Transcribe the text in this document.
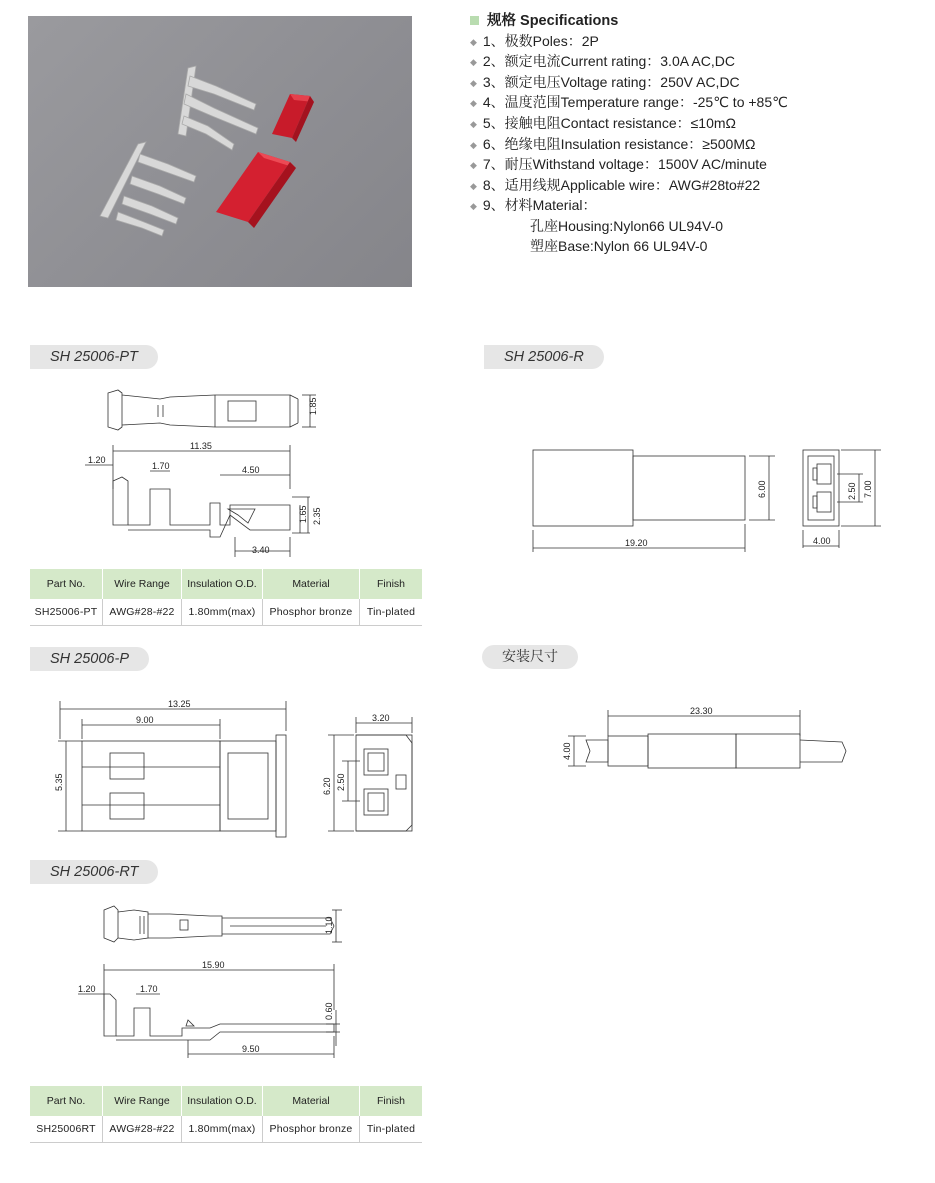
规格 Specifications
◆ 1、极数Poles：2P
◆ 2、额定电流Current rating：3.0A AC,DC
◆ 3、额定电压Voltage rating：250V AC,DC
◆ 4、温度范围Temperature range：-25℃ to +85℃
◆ 5、接触电阻Contact resistance：≤10mΩ
◆ 6、绝缘电阻Insulation resistance：≥500MΩ
◆ 7、耐压Withstand voltage：1500V AC/minute
◆ 8、适用线规Applicable wire：AWG#28to#22
◆ 9、材料Material：
孔座Housing:Nylon66 UL94V-0
塑座Base:Nylon 66 UL94V-0
SH 25006-PT	SH 25006-R
SH 25006-P	安装尺寸
SH 25006-RT
1.85
11.35
1.20
1.70	4.50
1.65 2.35
3.40
6.00
19.20
2.50 7.00
4.00
Part No.	Wire Range	Insulation O.D.	Material	Finish
SH25006-PT	AWG#28-#22	1.80mm(max)	Phosphor bronze	Tin-plated
13.25
9.00
5.35
3.20
6.20 2.50
23.30
4.00
1.10
15.90
1.20	1.70
9.50
0.60
Part No.	Wire Range	Insulation O.D.	Material	Finish
SH25006RT	AWG#28-#22	1.80mm(max)	Phosphor bronze	Tin-plated
